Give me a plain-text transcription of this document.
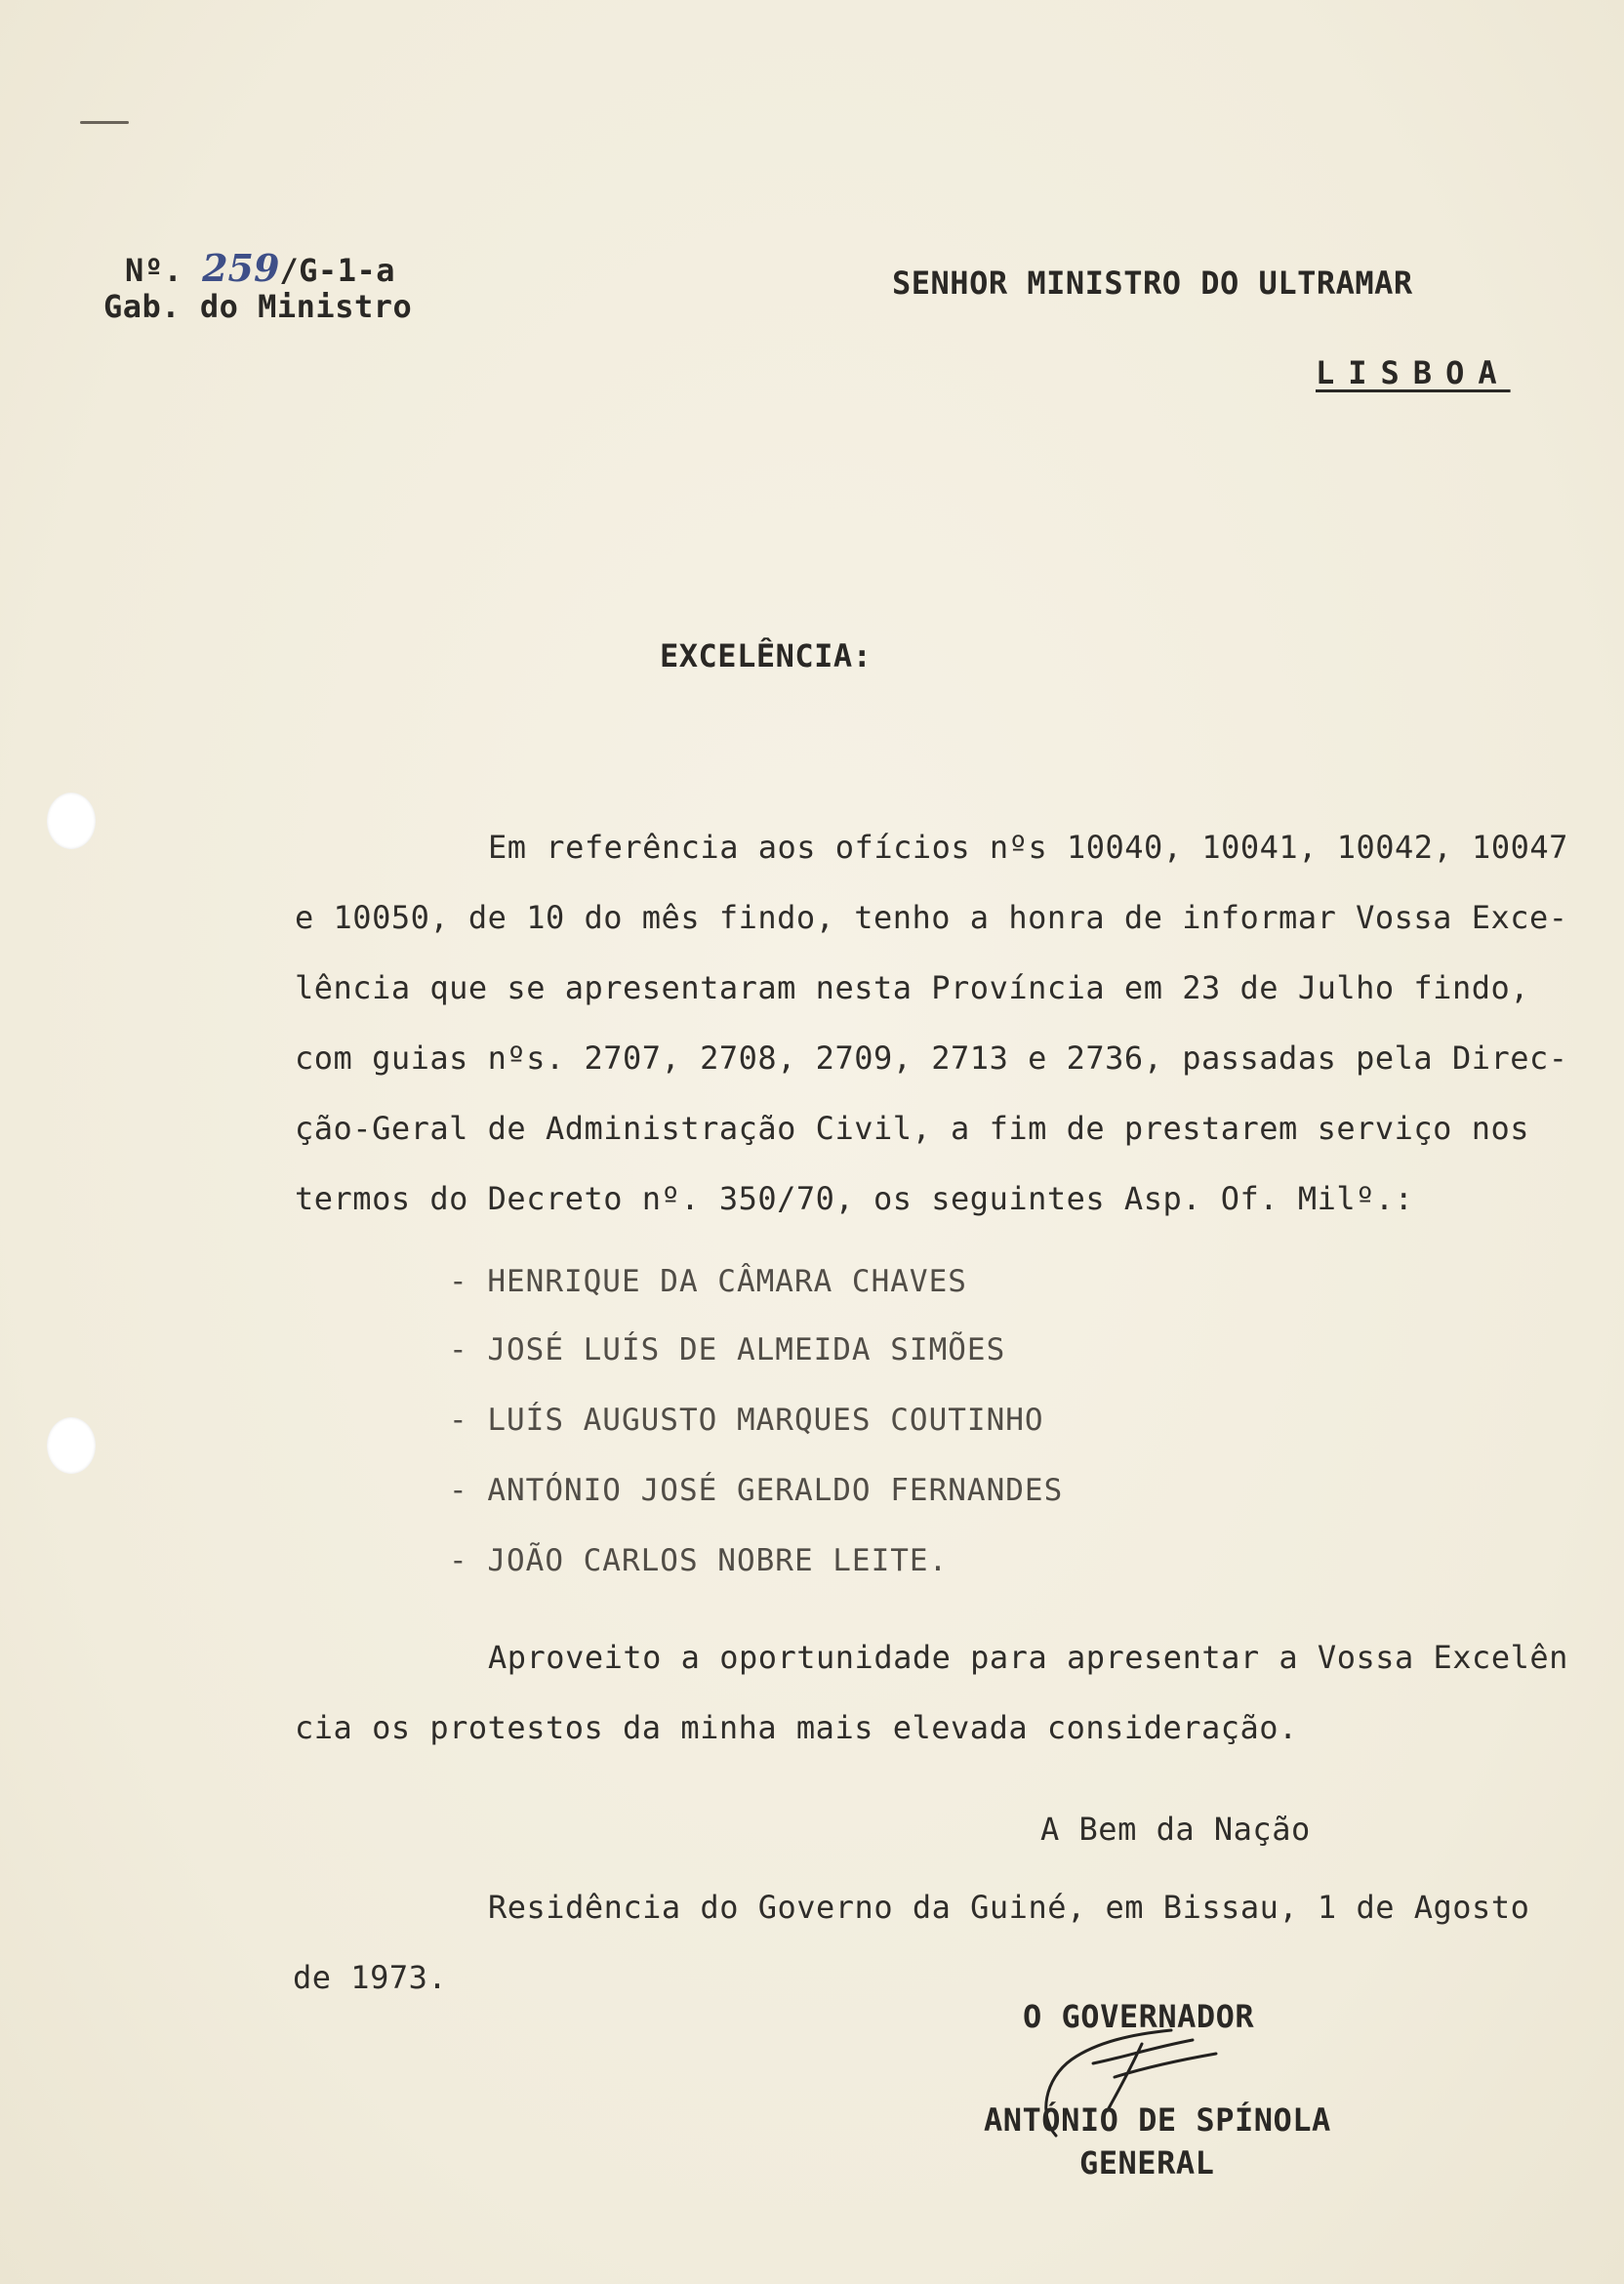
Nº. 259/G-1-a
Gab. do Ministro
SENHOR MINISTRO DO ULTRAMAR
LISBOA
EXCELÊNCIA:
Em referência aos ofícios nºs 10040, 10041, 10042, 10047
e 10050, de 10 do mês findo, tenho a honra de informar Vossa Exce-
lência que se apresentaram nesta Província em 23 de Julho findo,
com guias nºs. 2707, 2708, 2709, 2713 e 2736, passadas pela Direc-
ção-Geral de Administração Civil, a fim de prestarem serviço nos
termos do Decreto nº. 350/70, os seguintes Asp. Of. Milº.:
- HENRIQUE DA CÂMARA CHAVES
- JOSÉ LUÍS DE ALMEIDA SIMÕES
- LUÍS AUGUSTO MARQUES COUTINHO
- ANTÓNIO JOSÉ GERALDO FERNANDES
- JOÃO CARLOS NOBRE LEITE.
Aproveito a oportunidade para apresentar a Vossa Excelên
cia os protestos da minha mais elevada consideração.
A Bem da Nação
Residência do Governo da Guiné, em Bissau, 1 de Agosto
de 1973.
O GOVERNADOR
ANTÓNIO DE SPÍNOLA
GENERAL
